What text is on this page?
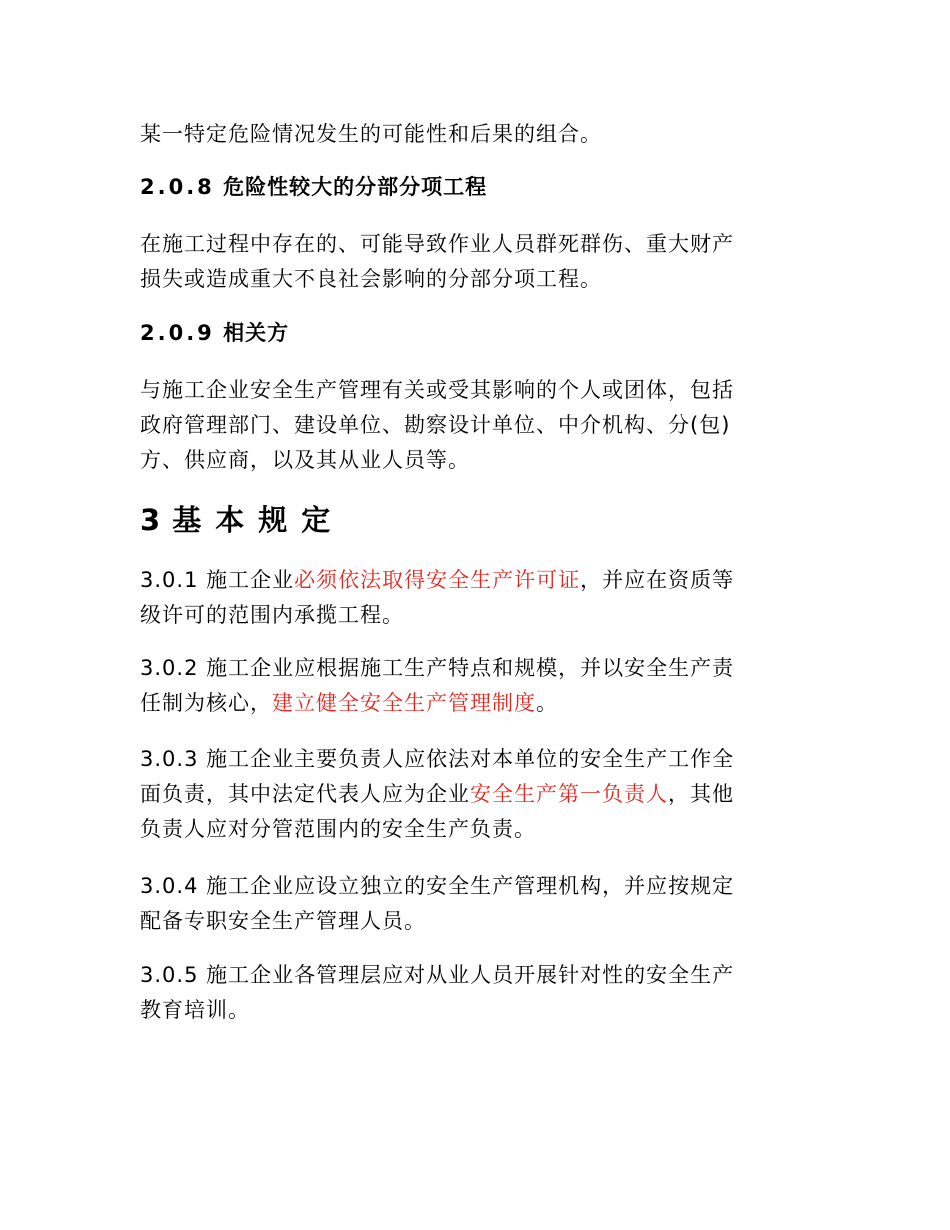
某一特定危险情况发生的可能性和后果的组合。

2.0.8 危险性较大的分部分项工程
在施工过程中存在的、可能导致作业人员群死群伤、重大财产
损失或造成重大不良社会影响的分部分项工程。
2.0.9 相关方
与施工企业安全生产管理有关或受其影响的个人或团体，包括
政府管理部门、建设单位、勘察设计单位、中介机构、分(包)
方、供应商，以及其从业人员等。
3 基本规定
3.0.1 施工企业必须依法取得安全生产许可证，并应在资质等
级许可的范围内承揽工程。
3.0.2 施工企业应根据施工生产特点和规模，并以安全生产责
任制为核心，建立健全安全生产管理制度。
3.0.3 施工企业主要负责人应依法对本单位的安全生产工作全
面负责，其中法定代表人应为企业安全生产第一负责人，其他
负责人应对分管范围内的安全生产负责。
3.0.4 施工企业应设立独立的安全生产管理机构，并应按规定
配备专职安全生产管理人员。
3.0.5 施工企业各管理层应对从业人员开展针对性的安全生产
教育培训。
